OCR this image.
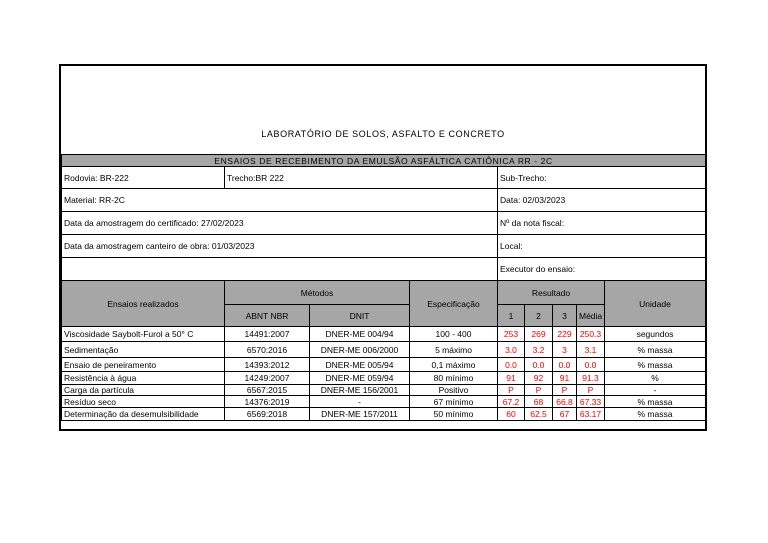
LABORATÓRIO DE SOLOS, ASFALTO E CONCRETO
ENSAIOS DE RECEBIMENTO DA EMULSÃO ASFÁLTICA CATIÔNICA RR - 2C								
Rodovia: BR-222	Trecho:BR 222			Sub-Trecho:				
Material: RR-2C				Data: 02/03/2023				
Data da amostragem do certificado: 27/02/2023				Nº da nota fiscal:				
Data da amostragem canteiro de obra: 01/03/2023				Local:				
				Executor do ensaio:				
Ensaios realizados	Métodos		Especificação	Resultado				Unidade
	ABNT NBR	DNIT		1	2	3	Média	
Viscosidade Saybolt-Furol a 50° C	14491:2007	DNER-ME 004/94	100 - 400	253	269	229	250.3	segundos
Sedimentação	6570:2016	DNER-ME 006/2000	5 máximo	3.0	3.2	3	3.1	% massa
Ensaio de peneiramento	14393:2012	DNER-ME 005/94	0,1 máximo	0.0	0.0	0.0	0.0	% massa
Resistência à água	14249:2007	DNER-ME 059/94	80 mínimo	91	92	91	91.3	%
Carga da partícula	6567:2015	DNER-ME 156/2001	Positivo	P	P	P	P	-
Resíduo seco	14376:2019	-	67 mínimo	67.2	68	66.8	67.33	% massa
Determinação da desemulsibilidade	6569:2018	DNER-ME 157/2011	50 mínimo	60	62.5	67	63.17	% massa
